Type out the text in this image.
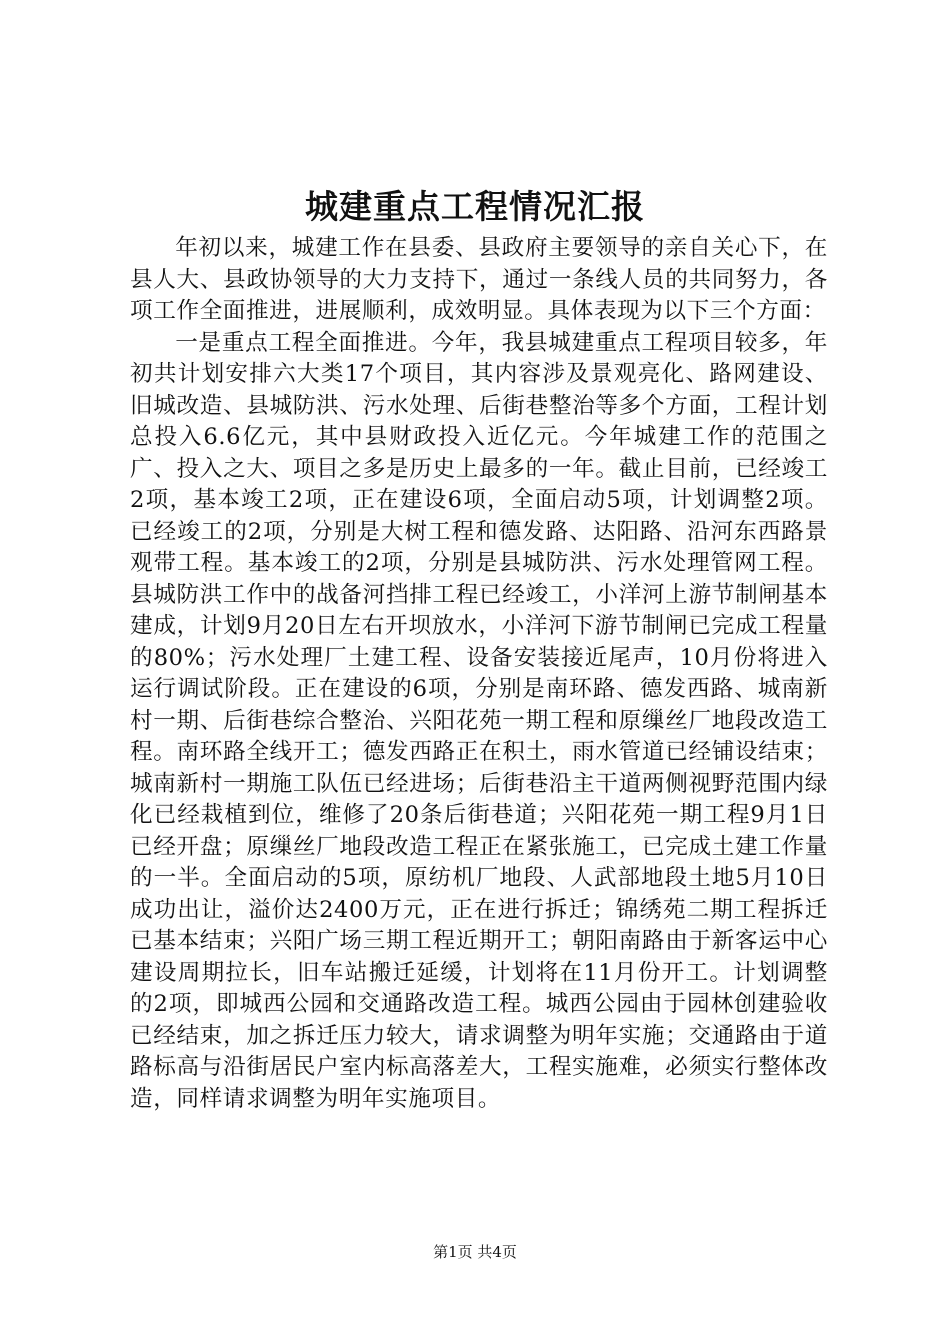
城建重点工程情况汇报

年初以来，城建工作在县委、县政府主要领导的亲自关心下，在县人大、县政协领导的大力支持下，通过一条线人员的共同努力，各项工作全面推进，进展顺利，成效明显。具体表现为以下三个方面：

一是重点工程全面推进。今年，我县城建重点工程项目较多，年初共计划安排六大类17个项目，其内容涉及景观亮化、路网建设、旧城改造、县城防洪、污水处理、后街巷整治等多个方面，工程计划总投入6.6亿元，其中县财政投入近亿元。今年城建工作的范围之广、投入之大、项目之多是历史上最多的一年。截止目前，已经竣工2项，基本竣工2项，正在建设6项，全面启动5项，计划调整2项。已经竣工的2项，分别是大树工程和德发路、达阳路、沿河东西路景观带工程。基本竣工的2项，分别是县城防洪、污水处理管网工程。县城防洪工作中的战备河挡排工程已经竣工，小洋河上游节制闸基本建成，计划9月20日左右开坝放水，小洋河下游节制闸已完成工程量的80%；污水处理厂土建工程、设备安装接近尾声，10月份将进入运行调试阶段。正在建设的6项，分别是南环路、德发西路、城南新村一期、后街巷综合整治、兴阳花苑一期工程和原缫丝厂地段改造工程。南环路全线开工；德发西路正在积土，雨水管道已经铺设结束；城南新村一期施工队伍已经进场；后街巷沿主干道两侧视野范围内绿化已经栽植到位，维修了20条后街巷道；兴阳花苑一期工程9月1日已经开盘；原缫丝厂地段改造工程正在紧张施工，已完成土建工作量的一半。全面启动的5项，原纺机厂地段、人武部地段土地5月10日成功出让，溢价达2400万元，正在进行拆迁；锦绣苑二期工程拆迁已基本结束；兴阳广场三期工程近期开工；朝阳南路由于新客运中心建设周期拉长，旧车站搬迁延缓，计划将在11月份开工。计划调整的2项，即城西公园和交通路改造工程。城西公园由于园林创建验收已经结束，加之拆迁压力较大，请求调整为明年实施；交通路由于道路标高与沿街居民户室内标高落差大，工程实施难，必须实行整体改造，同样请求调整为明年实施项目。

第1页 共4页
